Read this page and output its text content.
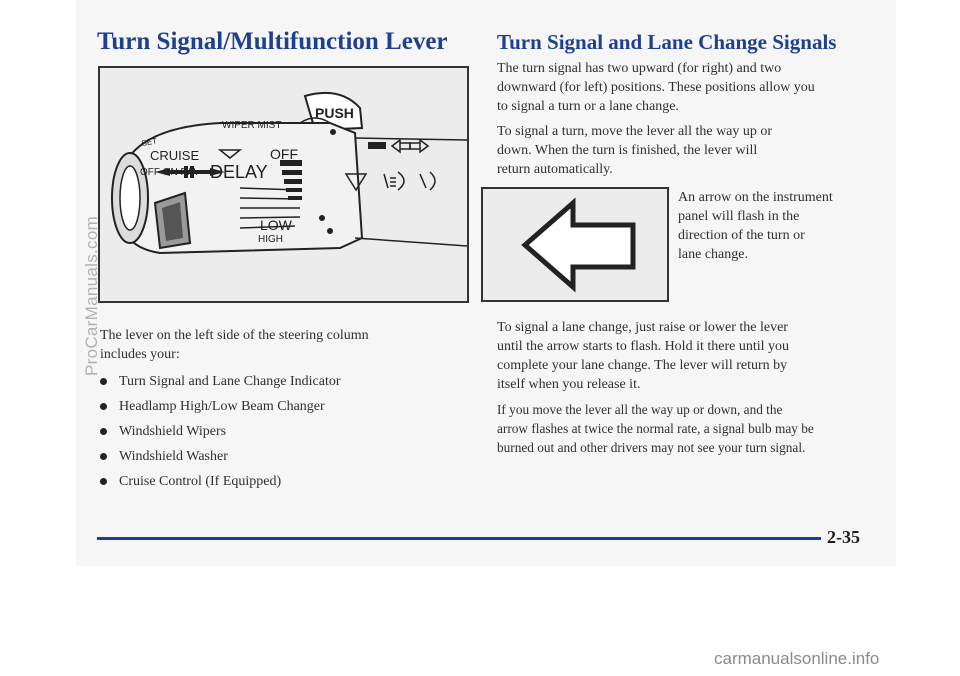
Turn Signal/Multifunction Lever Turn Signal and Lane Change Signals
PUSH
SET
WIPER MIST
CRUISE	OFF
OFF ON R/A DELAY
LOW
HIGH

The lever on the left side of the steering column

includes your:

Turn Signal and Lane Change Indicator
Headlamp High/Low Beam Changer
Windshield Wipers
Windshield Washer
Cruise Control (If Equipped)

The turn signal has two upward (for right) and two

downward (for left) positions. These positions allow you

to signal a turn or a lane change.

To signal a turn, move the lever all the way up or

down. When the turn is finished, the lever will

return automatically.

An arrow on the instrument

panel will flash in the

direction of the turn or

lane change.

To signal a lane change, just raise or lower the lever

until the arrow starts to flash. Hold it there until you

complete your lane change. The lever will return by

itself when you release it.

If you move the lever all the way up or down, and the

arrow flashes at twice the normal rate, a signal bulb may be

burned out and other drivers may not see your turn signal.

2-35
ProCarManuals.com
carmanualsonline.info
